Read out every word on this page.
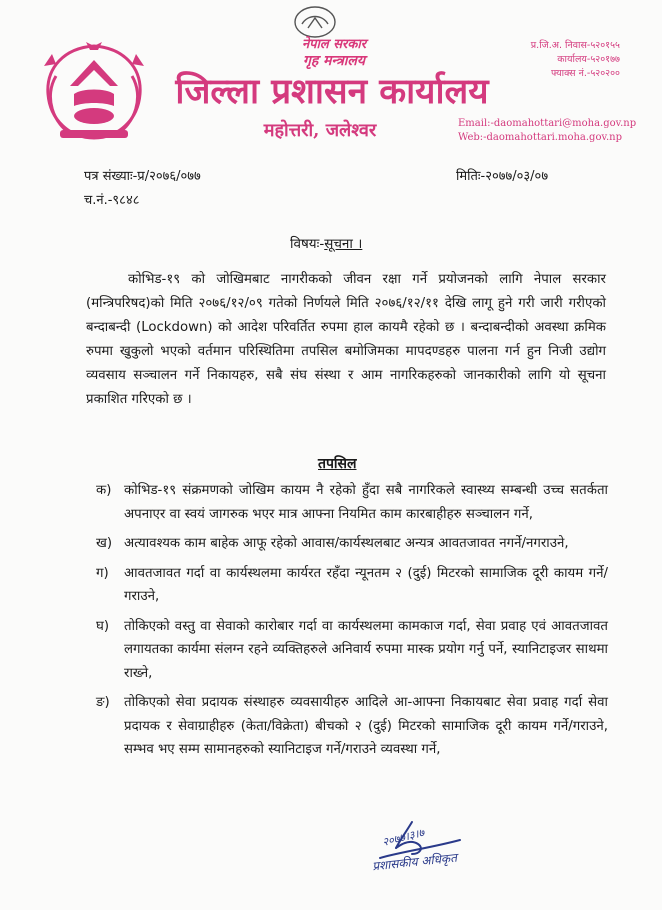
नेपाल सरकार
गृह मन्त्रालय
जिल्ला प्रशासन कार्यालय
महोत्तरी, जलेश्वर
प्र.जि.अ. निवास-५२०१५५
कार्यालय-५२०१७७
फ्याक्स नं.-५२०२००
Email:-daomahottari@moha.gov.np
Web:-daomahottari.moha.gov.np
पत्र संख्याः-प्र/२०७६/०७७	मितिः-२०७७/०३/०७
च.नं.-९८४८
विषयः-सूचना ।
कोभिड-१९ को जोखिमबाट नागरीकको जीवन रक्षा गर्ने प्रयोजनको लागि नेपाल सरकार (मन्त्रिपरिषद)को मिति २०७६/१२/०९ गतेको निर्णयले मिति २०७६/१२/११ देखि लागू हुने गरी जारी गरीएको बन्दाबन्दी (Lockdown) को आदेश परिवर्तित रुपमा हाल कायमै रहेको छ । बन्दाबन्दीको अवस्था क्रमिक रुपमा खुकुलो भएको वर्तमान परिस्थितिमा तपसिल बमोजिमका मापदण्डहरु पालना गर्न हुन निजी उद्योग व्यवसाय सञ्चालन गर्ने निकायहरु, सबै संघ संस्था र आम नागरिकहरुको जानकारीको लागि यो सूचना प्रकाशित गरिएको छ ।
तपसिल
क) कोभिड-१९ संक्रमणको जोखिम कायम नै रहेको हुँदा सबै नागरिकले स्वास्थ्य सम्बन्धी उच्च सतर्कता अपनाएर वा स्वयं जागरुक भएर मात्र आफ्ना नियमित काम कारबाहीहरु सञ्चालन गर्ने,
ख) अत्यावश्यक काम बाहेक आफू रहेको आवास/कार्यस्थलबाट अन्यत्र आवतजावत नगर्ने/नगराउने,
ग) आवतजावत गर्दा वा कार्यस्थलमा कार्यरत रहँदा न्यूनतम २ (दुई) मिटरको सामाजिक दूरी कायम गर्ने/गराउने,
घ) तोकिएको वस्तु वा सेवाको कारोबार गर्दा वा कार्यस्थलमा कामकाज गर्दा, सेवा प्रवाह एवं आवतजावत लगायतका कार्यमा संलग्न रहने व्यक्तिहरुले अनिवार्य रुपमा मास्क प्रयोग गर्नु पर्ने, स्यानिटाइजर साथमा राख्ने,
ङ) तोकिएको सेवा प्रदायक संस्थाहरु व्यवसायीहरु आदिले आ-आफ्ना निकायबाट सेवा प्रवाह गर्दा सेवा प्रदायक र सेवाग्राहीहरु (केता/विक्रेता) बीचको २ (दुई) मिटरको सामाजिक दूरी कायम गर्ने/गराउने, सम्भव भए सम्म सामानहरुको स्यानिटाइज गर्ने/गराउने व्यवस्था गर्ने,
२०७७।३।७
प्रशासकीय अधिकृत
